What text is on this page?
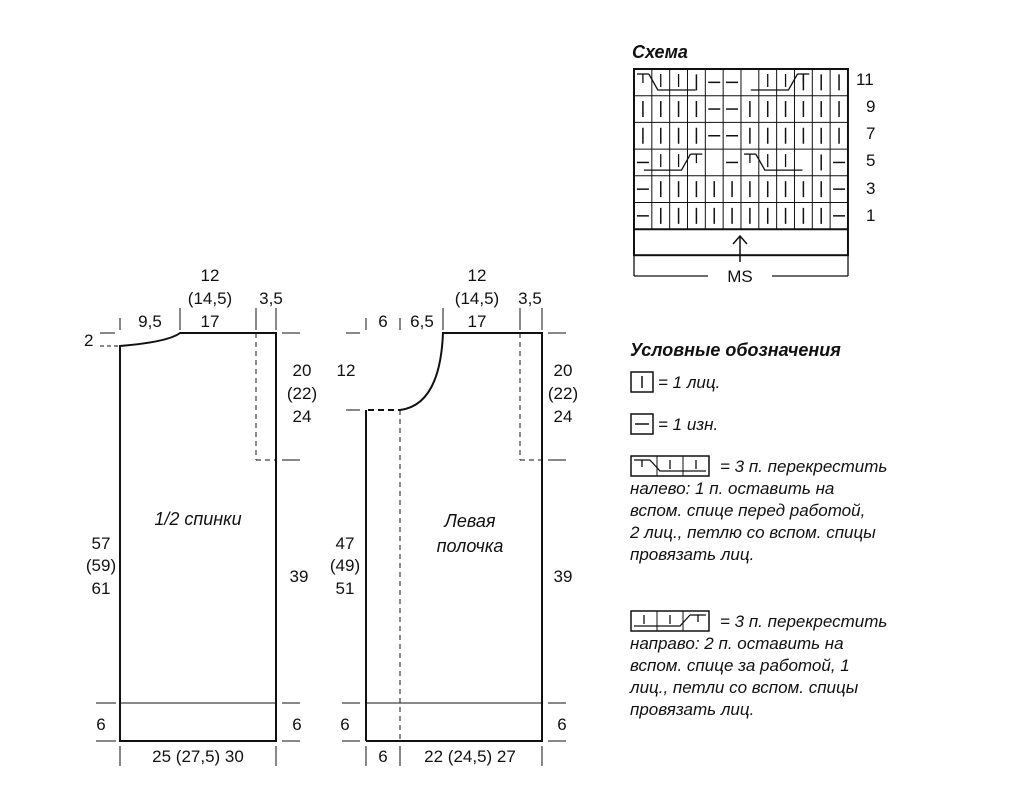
Схема
11
9
7
5
3
1
MS
9,5
12
(14,5)
17
3,5
2
20
(22)
24
57
(59)
61
39
6	6
25 (27,5) 30
1/2 спинки
6 6,5
12
(14,5)
17
3,5
12	20
(22)
24
47
(49)
51
39
6	6
6 22 (24,5) 27
Левая
полочка
Условные обозначения
= 1 лиц.
= 1 изн.
= 3 п. перекрестить
налево: 1 п. оставить на
вспом. спице перед работой,
2 лиц., петлю со вспом. спицы
провязать лиц.
= 3 п. перекрестить
направо: 2 п. оставить на
вспом. спице за работой, 1
лиц., петли со вспом. спицы
провязать лиц.
